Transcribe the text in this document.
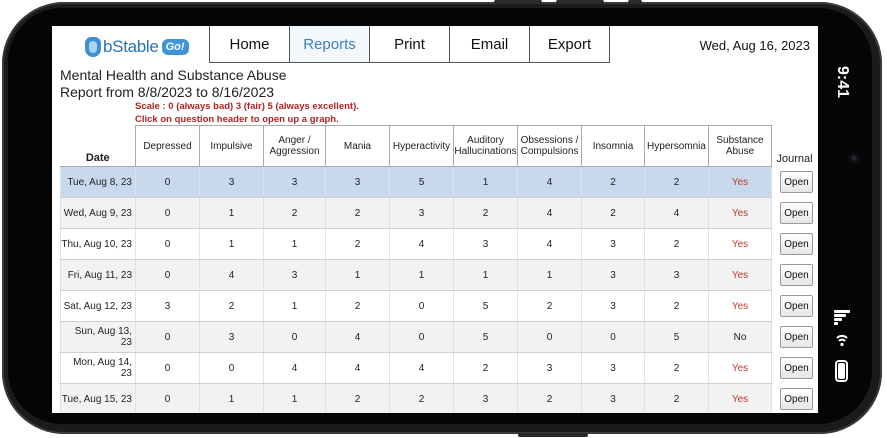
9:41
bStable Go!	Home	Reports	Print	Email	Export	Wed, Aug 16, 2023
Mental Health and Substance Abuse
Report from 8/8/2023 to 8/16/2023
Scale : 0 (always bad) 3 (fair) 5 (always excellent).
Click on question header to open up a graph.
Date	Depressed	Impulsive	Anger / Aggression	Mania	Hyperactivity	Auditory Hallucinations	Obsessions / Compulsions	Insomnia	Hypersomnia	Substance Abuse	Journal
Tue, Aug 8, 23	0	3	3	3	5	1	4	2	2	Yes	Open
Wed, Aug 9, 23	0	1	2	2	3	2	4	2	4	Yes	Open
Thu, Aug 10, 23	0	1	1	2	4	3	4	3	2	Yes	Open
Fri, Aug 11, 23	0	4	3	1	1	1	1	3	3	Yes	Open
Sat, Aug 12, 23	3	2	1	2	0	5	2	3	2	Yes	Open
Sun, Aug 13, 23	0	3	0	4	0	5	0	0	5	No	Open
Mon, Aug 14, 23	0	0	4	4	4	2	3	3	2	Yes	Open
Tue, Aug 15, 23	0	1	1	2	2	3	2	3	2	Yes	Open
